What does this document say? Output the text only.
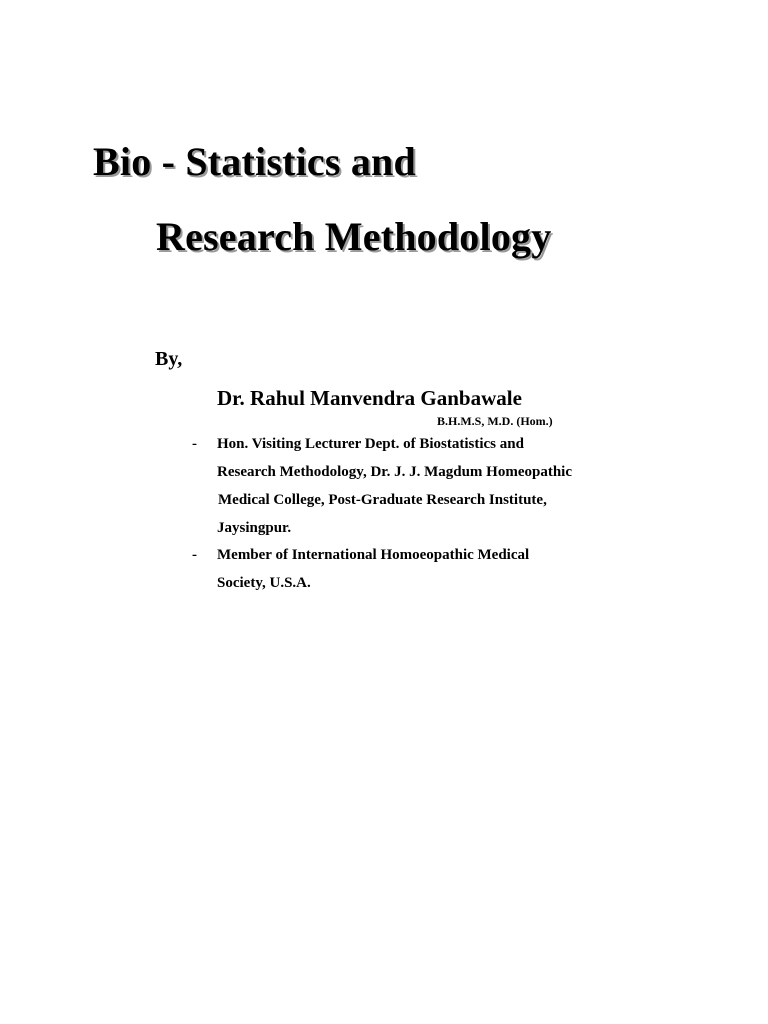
Bio - Statistics and
Research Methodology
By,
Dr. Rahul Manvendra Ganbawale
B.H.M.S, M.D. (Hom.)
- Hon. Visiting Lecturer Dept. of Biostatistics and
Research Methodology, Dr. J. J. Magdum Homeopathic
Medical College, Post-Graduate Research Institute,
Jaysingpur.
- Member of International Homoeopathic Medical
Society, U.S.A.
